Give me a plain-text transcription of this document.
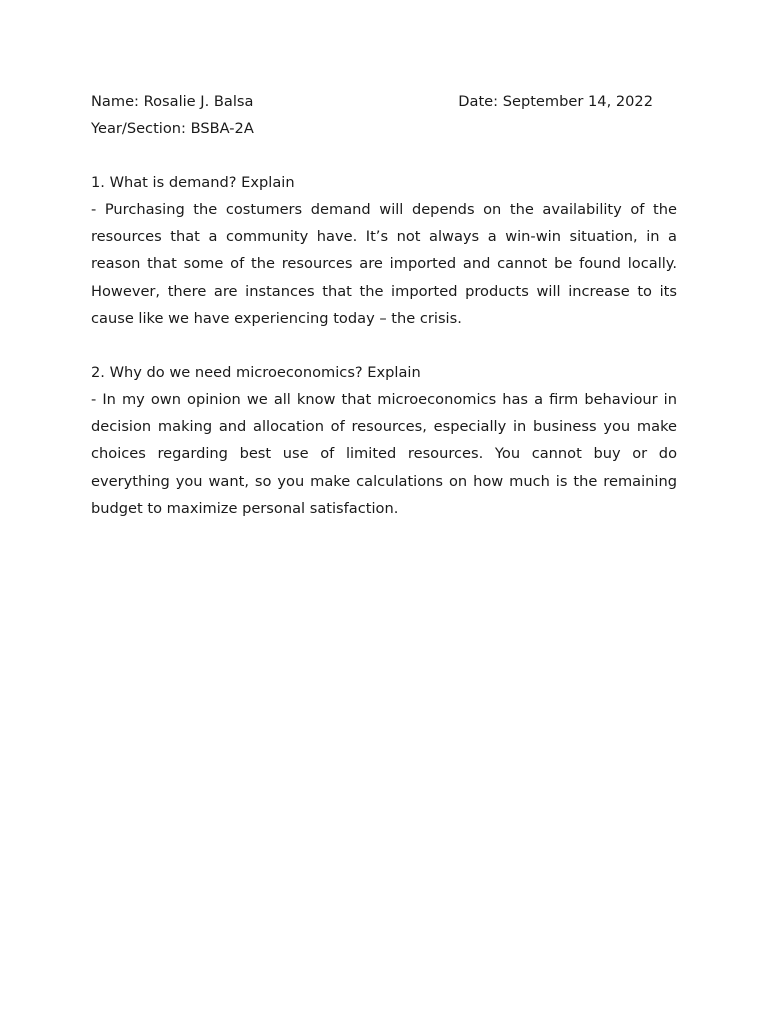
Name: Rosalie J. Balsa	Date: September 14, 2022
Year/Section: BSBA-2A
1. What is demand? Explain

- Purchasing the costumers demand will depends on the availability of the resources that a community have. It’s not always a win-win situation, in a reason that some of the resources are imported and cannot be found locally. However, there are instances that the imported products will increase to its cause like we have experiencing today – the crisis.

2. Why do we need microeconomics? Explain

- In my own opinion we all know that microeconomics has a firm behaviour in decision making and allocation of resources, especially in business you make choices regarding best use of limited resources. You cannot buy or do everything you want, so you make calculations on how much is the remaining budget to maximize personal satisfaction.
